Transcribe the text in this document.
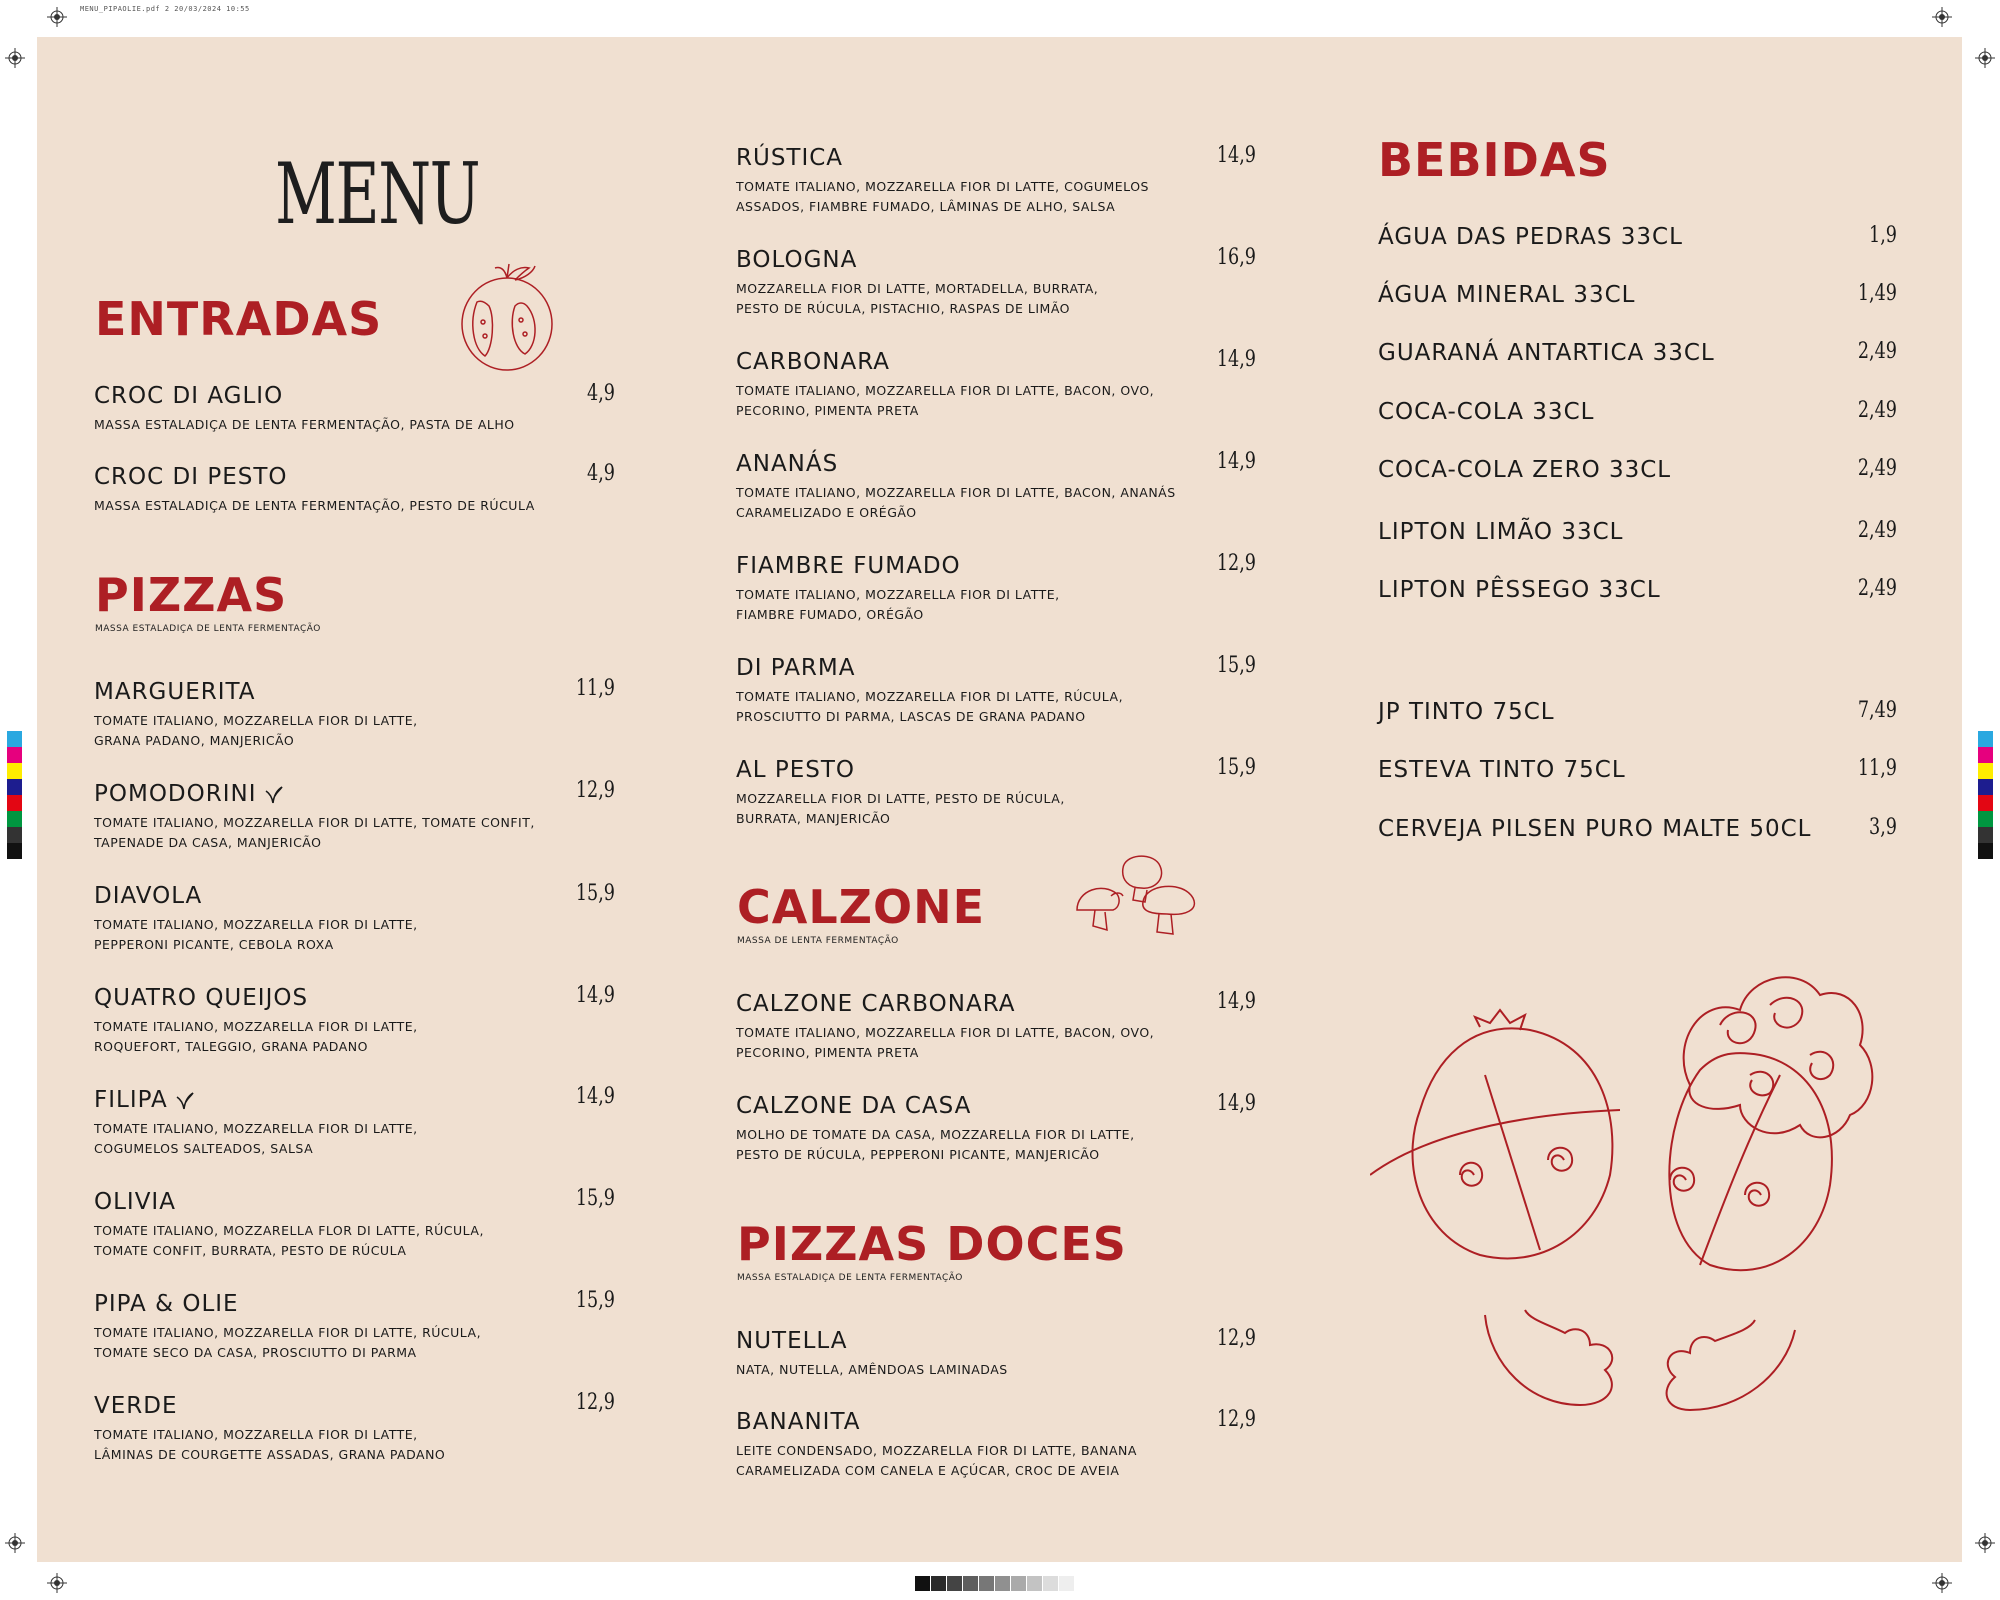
MENU_PIPAOLIE.pdf 2 20/03/2024 10:55
MENU
ENTRADAS
CROC DI AGLIO
MASSA ESTALADIÇA DE LENTA FERMENTAÇÃO, PASTA DE ALHO
4,9
CROC DI PESTO
MASSA ESTALADIÇA DE LENTA FERMENTAÇÃO, PESTO DE RÚCULA
4,9
PIZZAS
MASSA ESTALADIÇA DE LENTA FERMENTAÇÃO
MARGUERITA
TOMATE ITALIANO, MOZZARELLA FIOR DI LATTE,
GRANA PADANO, MANJERICÃO
11,9
POMODORINI
TOMATE ITALIANO, MOZZARELLA FIOR DI LATTE, TOMATE CONFIT,
TAPENADE DA CASA, MANJERICÃO
12,9
DIAVOLA
TOMATE ITALIANO, MOZZARELLA FIOR DI LATTE,
PEPPERONI PICANTE, CEBOLA ROXA
15,9
QUATRO QUEIJOS
TOMATE ITALIANO, MOZZARELLA FIOR DI LATTE,
ROQUEFORT, TALEGGIO, GRANA PADANO
14,9
FILIPA
TOMATE ITALIANO, MOZZARELLA FIOR DI LATTE,
COGUMELOS SALTEADOS, SALSA
14,9
OLIVIA
TOMATE ITALIANO, MOZZARELLA FLOR DI LATTE, RÚCULA,
TOMATE CONFIT, BURRATA, PESTO DE RÚCULA
15,9
PIPA & OLIE
TOMATE ITALIANO, MOZZARELLA FIOR DI LATTE, RÚCULA,
TOMATE SECO DA CASA, PROSCIUTTO DI PARMA
15,9
VERDE
TOMATE ITALIANO, MOZZARELLA FIOR DI LATTE,
LÂMINAS DE COURGETTE ASSADAS, GRANA PADANO
12,9
RÚSTICA
TOMATE ITALIANO, MOZZARELLA FIOR DI LATTE, COGUMELOS
ASSADOS, FIAMBRE FUMADO, LÂMINAS DE ALHO, SALSA
14,9
BOLOGNA
MOZZARELLA FIOR DI LATTE, MORTADELLA, BURRATA,
PESTO DE RÚCULA, PISTACHIO, RASPAS DE LIMÃO
16,9
CARBONARA
TOMATE ITALIANO, MOZZARELLA FIOR DI LATTE, BACON, OVO,
PECORINO, PIMENTA PRETA
14,9
ANANÁS
TOMATE ITALIANO, MOZZARELLA FIOR DI LATTE, BACON, ANANÁS
CARAMELIZADO E ORÉGÃO
14,9
FIAMBRE FUMADO
TOMATE ITALIANO, MOZZARELLA FIOR DI LATTE,
FIAMBRE FUMADO, ORÉGÃO
12,9
DI PARMA
TOMATE ITALIANO, MOZZARELLA FIOR DI LATTE, RÚCULA,
PROSCIUTTO DI PARMA, LASCAS DE GRANA PADANO
15,9
AL PESTO
MOZZARELLA FIOR DI LATTE, PESTO DE RÚCULA,
BURRATA, MANJERICÃO
15,9
CALZONE
MASSA DE LENTA FERMENTAÇÃO
CALZONE CARBONARA
TOMATE ITALIANO, MOZZARELLA FIOR DI LATTE, BACON, OVO,
PECORINO, PIMENTA PRETA
14,9
CALZONE DA CASA
MOLHO DE TOMATE DA CASA, MOZZARELLA FIOR DI LATTE,
PESTO DE RÚCULA, PEPPERONI PICANTE, MANJERICÃO
14,9
PIZZAS DOCES
MASSA ESTALADIÇA DE LENTA FERMENTAÇÃO
NUTELLA
NATA, NUTELLA, AMÊNDOAS LAMINADAS
12,9
BANANITA
LEITE CONDENSADO, MOZZARELLA FIOR DI LATTE, BANANA
CARAMELIZADA COM CANELA E AÇÚCAR, CROC DE AVEIA
12,9
BEBIDAS
ÁGUA DAS PEDRAS 33CL	1,9
ÁGUA MINERAL 33CL	1,49
GUARANÁ ANTARTICA 33CL	2,49
COCA-COLA 33CL	2,49
COCA-COLA ZERO 33CL	2,49
LIPTON LIMÃO 33CL	2,49
LIPTON PÊSSEGO 33CL	2,49
JP TINTO 75CL	7,49
ESTEVA TINTO 75CL	11,9
CERVEJA PILSEN PURO MALTE 50CL	3,9
